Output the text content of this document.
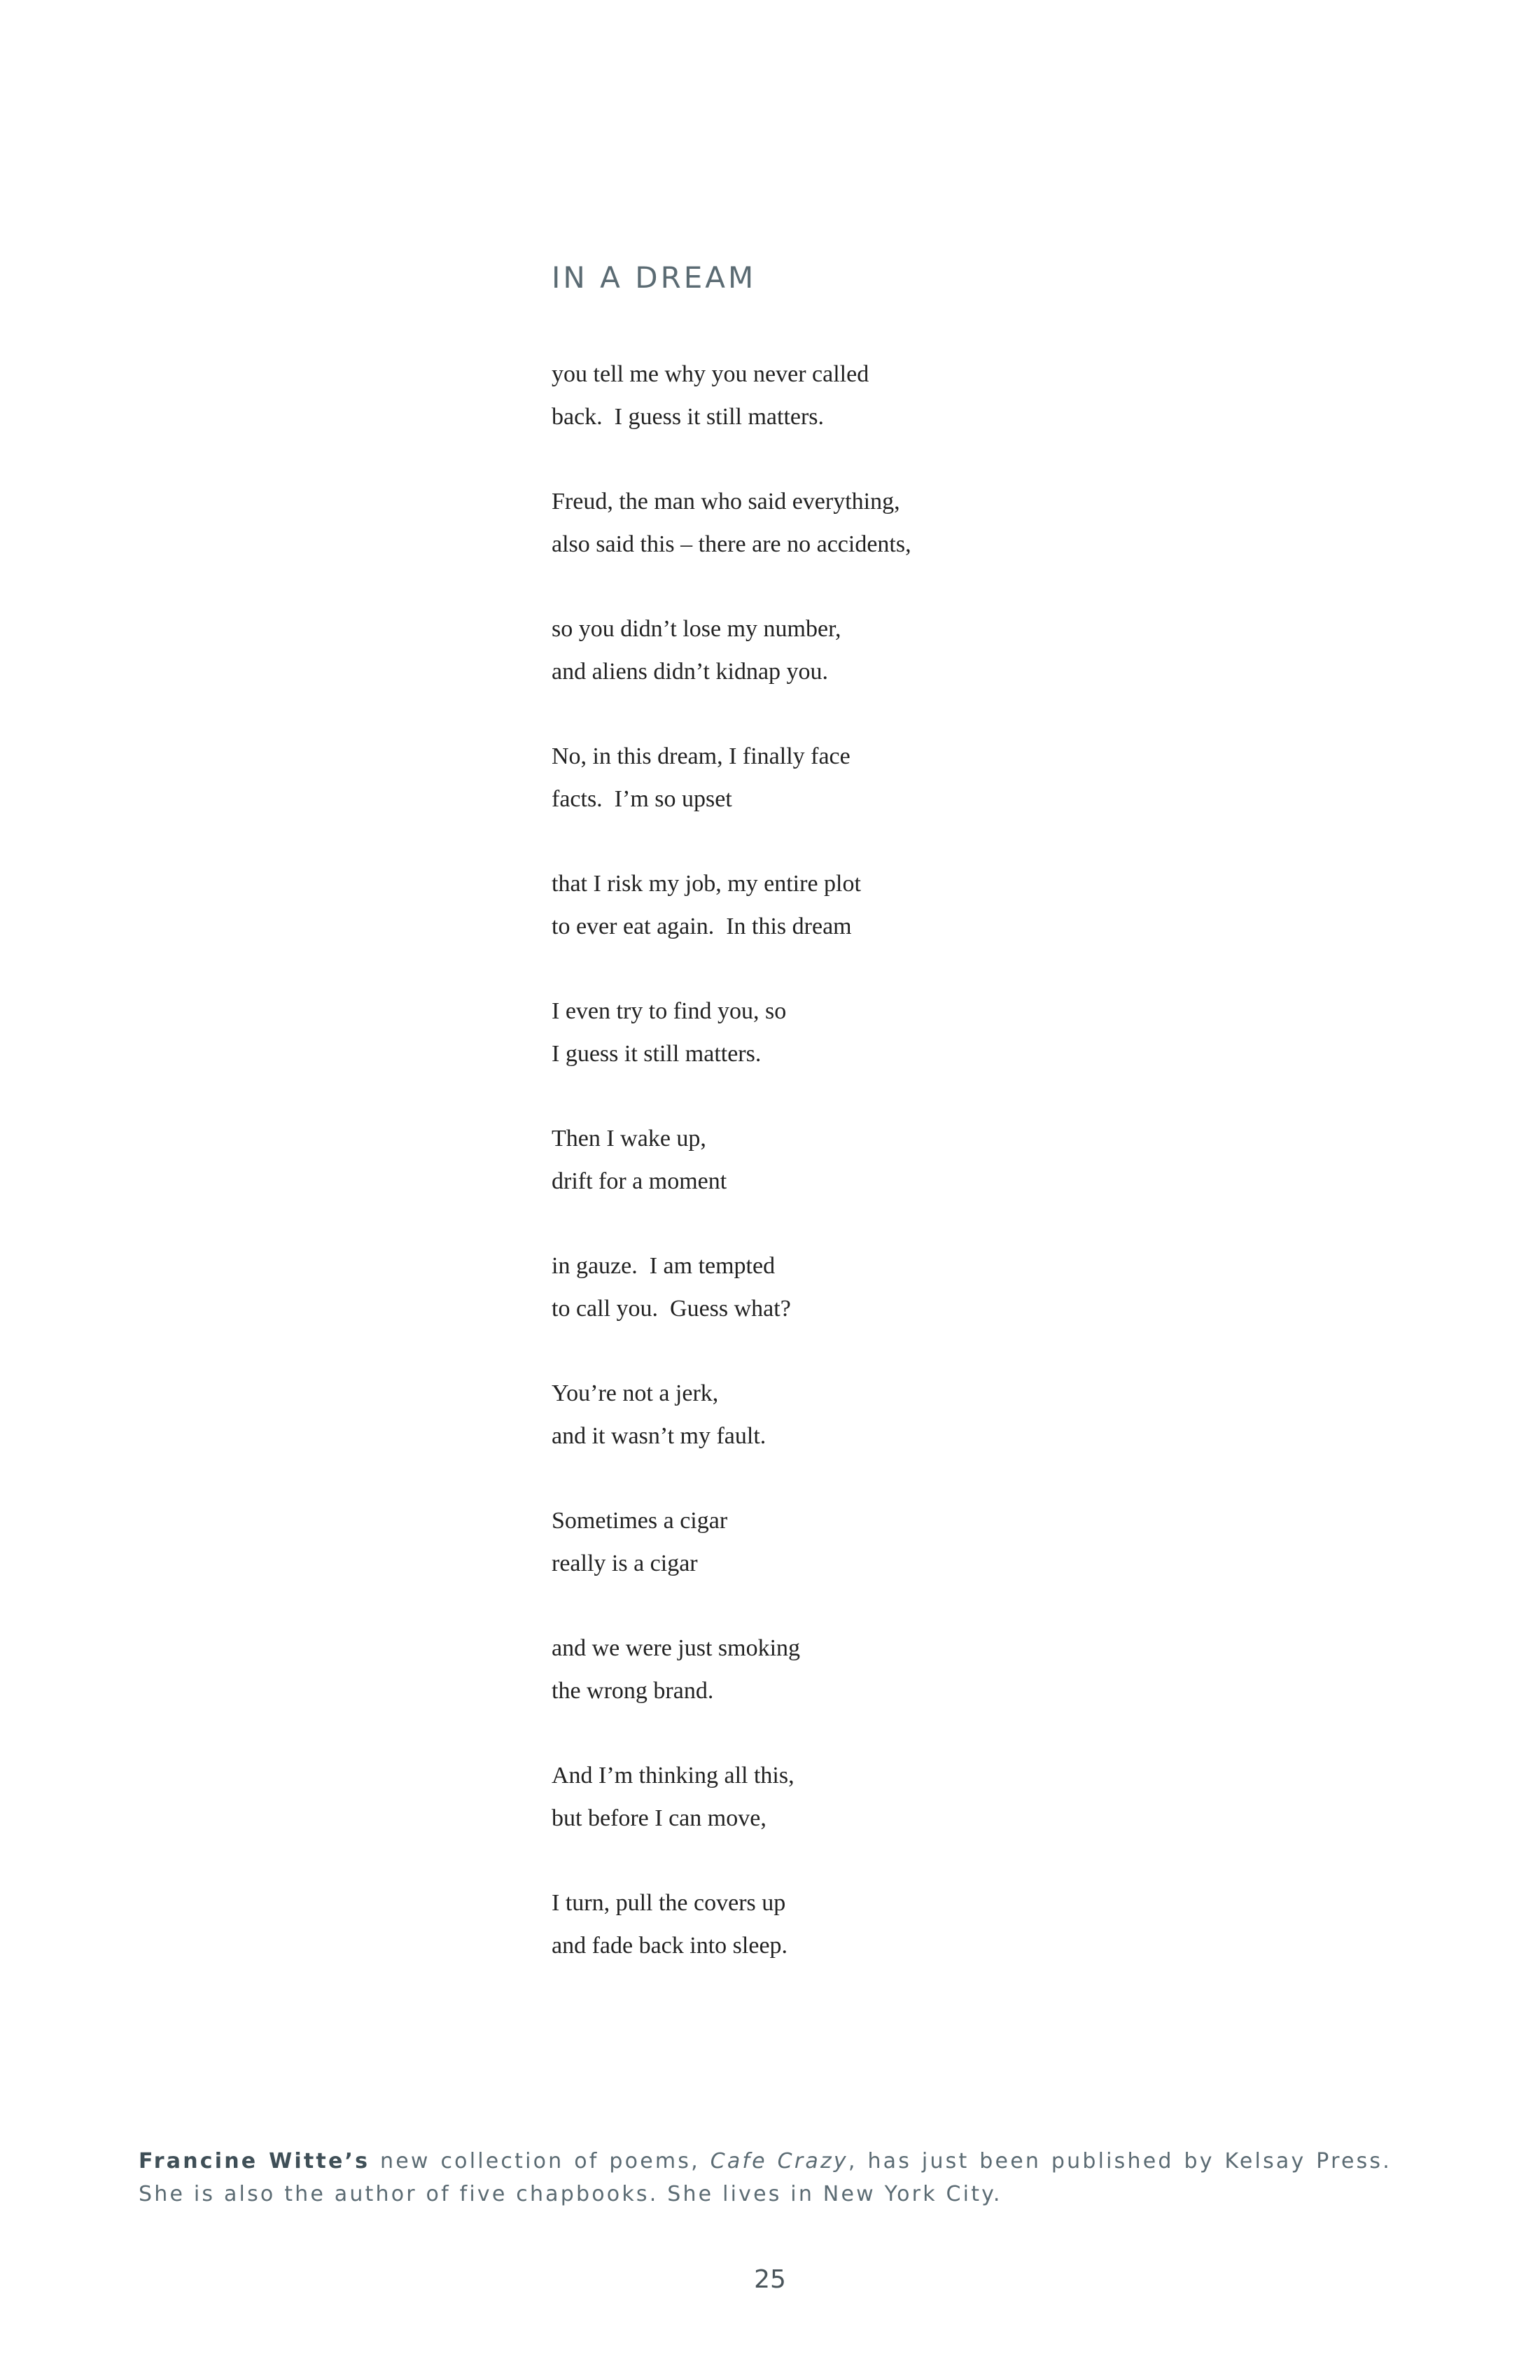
IN A DREAM

you tell me why you never called
back.  I guess it still matters.

Freud, the man who said everything,
also said this – there are no accidents,

so you didn’t lose my number,
and aliens didn’t kidnap you.

No, in this dream, I finally face
facts.  I’m so upset

that I risk my job, my entire plot
to ever eat again.  In this dream

I even try to find you, so
I guess it still matters.

Then I wake up,
drift for a moment

in gauze.  I am tempted
to call you.  Guess what?

You’re not a jerk,
and it wasn’t my fault.

Sometimes a cigar
really is a cigar

and we were just smoking
the wrong brand.

And I’m thinking all this,
but before I can move,

I turn, pull the covers up
and fade back into sleep.

Francine Witte’s new collection of poems, Cafe Crazy, has just been published by Kelsay Press. She is also the author of five chapbooks. She lives in New York City.

25
